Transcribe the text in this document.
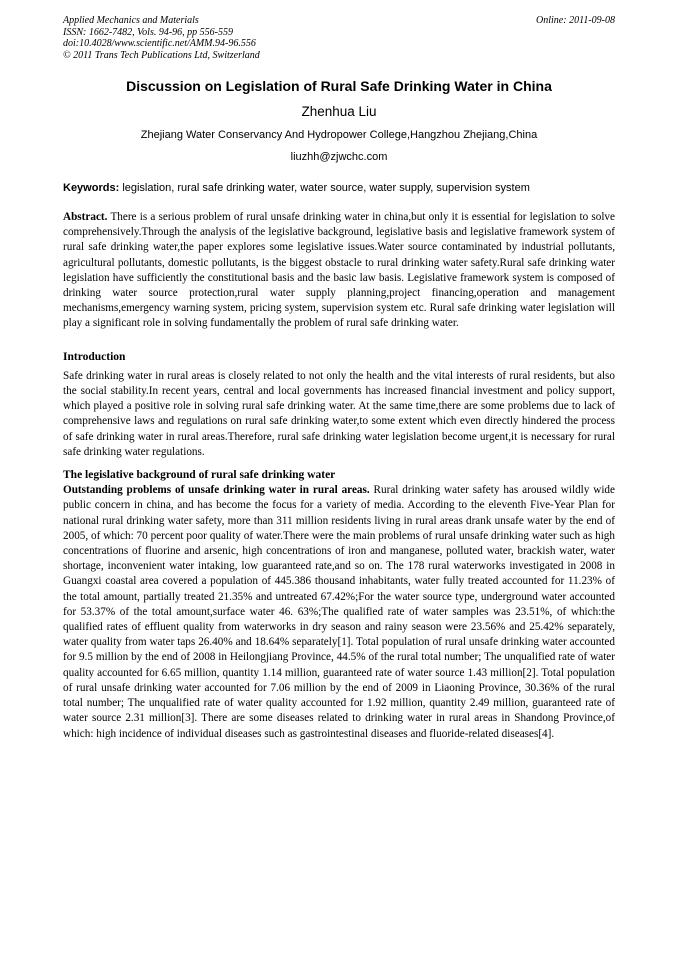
Applied Mechanics and Materials
ISSN: 1662-7482, Vols. 94-96, pp 556-559
doi:10.4028/www.scientific.net/AMM.94-96.556
© 2011 Trans Tech Publications Ltd, Switzerland
Online: 2011-09-08
Discussion on Legislation of Rural Safe Drinking Water in China
Zhenhua Liu
Zhejiang Water Conservancy And Hydropower College,Hangzhou Zhejiang,China
liuzhh@zjwchc.com
Keywords: legislation, rural safe drinking water, water source, water supply, supervision system
Abstract. There is a serious problem of rural unsafe drinking water in china,but only it is essential for legislation to solve comprehensively.Through the analysis of the legislative background, legislative basis and legislative framework system of rural safe drinking water,the paper explores some legislative issues.Water source contaminated by industrial pollutants, agricultural pollutants, domestic pollutants, is the biggest obstacle to rural drinking water safety.Rural safe drinking water legislation have sufficiently the constitutional basis and the basic law basis. Legislative framework system is composed of drinking water source protection,rural water supply planning,project financing,operation and management mechanisms,emergency warning system, pricing system, supervision system etc. Rural safe drinking water legislation will play a significant role in solving fundamentally the problem of rural safe drinking water.
Introduction
Safe drinking water in rural areas is closely related to not only the health and the vital interests of rural residents, but also the social stability.In recent years, central and local governments has increased financial investment and policy support, which played a positive role in solving rural safe drinking water. At the same time,there are some problems due to lack of comprehensive laws and regulations on rural safe drinking water,to some extent which even directly hindered the process of safe drinking water in rural areas.Therefore, rural safe drinking water legislation become urgent,it is necessary for rural safe drinking water regulations.
The legislative background of rural safe drinking water
Outstanding problems of unsafe drinking water in rural areas. Rural drinking water safety has aroused wildly wide public concern in china, and has become the focus for a variety of media. According to the eleventh Five-Year Plan for national rural drinking water safety, more than 311 million residents living in rural areas drank unsafe water by the end of 2005, of which: 70 percent poor quality of water.There were the main problems of rural unsafe drinking water such as high concentrations of fluorine and arsenic, high concentrations of iron and manganese, polluted water, brackish water, water shortage, inconvenient water intaking, low guaranteed rate,and so on. The 178 rural waterworks investigated in 2008 in Guangxi coastal area covered a population of 445.386 thousand inhabitants, water fully treated accounted for 11.23% of the total amount, partially treated 21.35% and untreated 67.42%;For the water source type, underground water accounted for 53.37% of the total amount,surface water 46. 63%;The qualified rate of water samples was 23.51%, of which:the qualified rates of effluent quality from waterworks in dry season and rainy season were 23.56% and 25.42% separately, water quality from water taps 26.40% and 18.64% separately[1]. Total population of rural unsafe drinking water accounted for 9.5 million by the end of 2008 in Heilongjiang Province, 44.5% of the rural total number; The unqualified rate of water quality accounted for 6.65 million, quantity 1.14 million, guaranteed rate of water source 1.43 million[2]. Total population of rural unsafe drinking water accounted for 7.06 million by the end of 2009 in Liaoning Province, 30.36% of the rural total number; The unqualified rate of water quality accounted for 1.92 million, quantity 2.49 million, guaranteed rate of water source 2.31 million[3]. There are some diseases related to drinking water in rural areas in Shandong Province,of which: high incidence of individual diseases such as gastrointestinal diseases and fluoride-related diseases[4].
